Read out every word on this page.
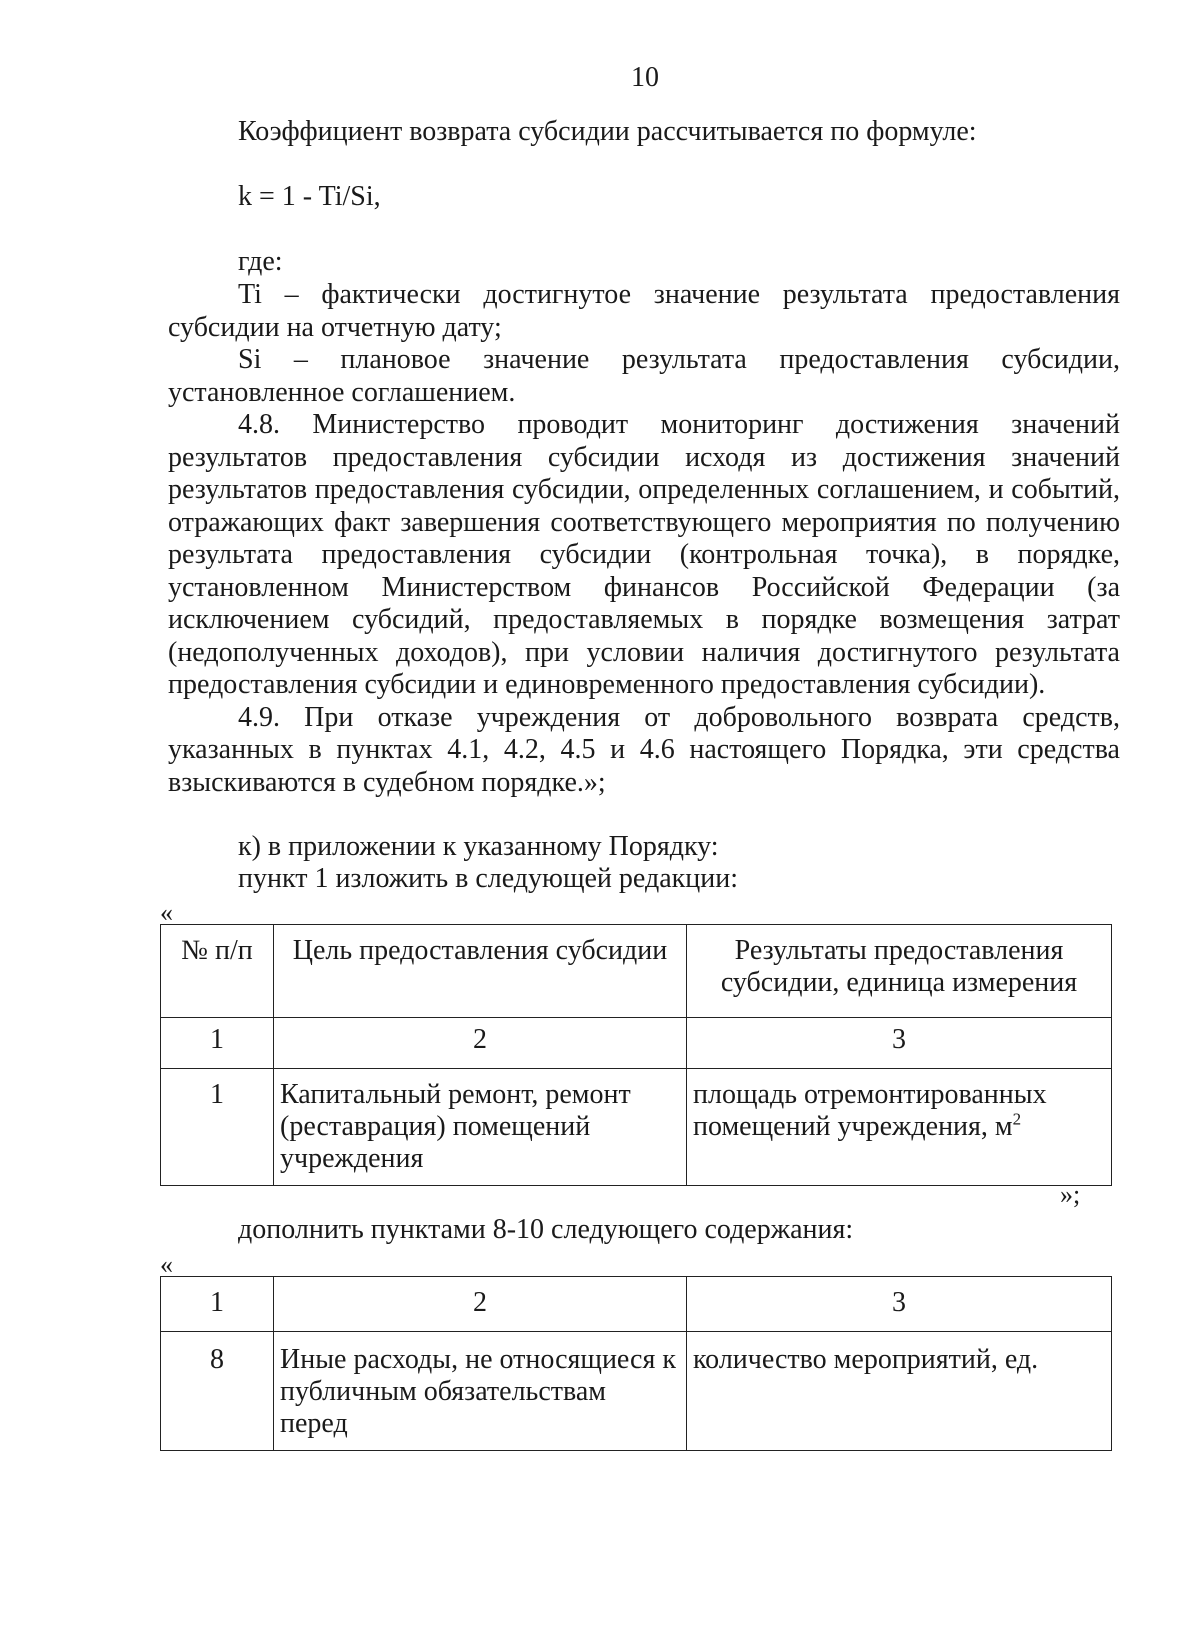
10
Коэффициент возврата субсидии рассчитывается по формуле:
k = 1 - Ti/Si,
где:

Ti – фактически достигнутое значение результата предоставления субсидии на отчетную дату;

Si – плановое значение результата предоставления субсидии, установленное соглашением.

4.8. Министерство проводит мониторинг достижения значений результатов предоставления субсидии исходя из достижения значений результатов предоставления субсидии, определенных соглашением, и событий, отражающих факт завершения соответствующего мероприятия по получению результата предоставления субсидии (контрольная точка), в порядке, установленном Министерством финансов Российской Федерации (за исключением субсидий, предоставляемых в порядке возмещения затрат (недополученных доходов), при условии наличия достигнутого результата предоставления субсидии и единовременного предоставления субсидии).

4.9. При отказе учреждения от добровольного возврата средств, указанных в пунктах 4.1, 4.2, 4.5 и 4.6 настоящего Порядка, эти средства взыскиваются в судебном порядке.»;

к) в приложении к указанному Порядку:
пункт 1 изложить в следующей редакции:
«
№ п/п	Цель предоставления субсидии	Результаты предоставления субсидии, единица измерения
1	2	3
1	Капитальный ремонт, ремонт (реставрация) помещений учреждения	площадь отремонтированных помещений учреждения, $м^2$
»;
дополнить пунктами 8-10 следующего содержания:
«
1	2	3
8	Иные расходы, не относящиеся к публичным обязательствам перед	количество мероприятий, ед.
